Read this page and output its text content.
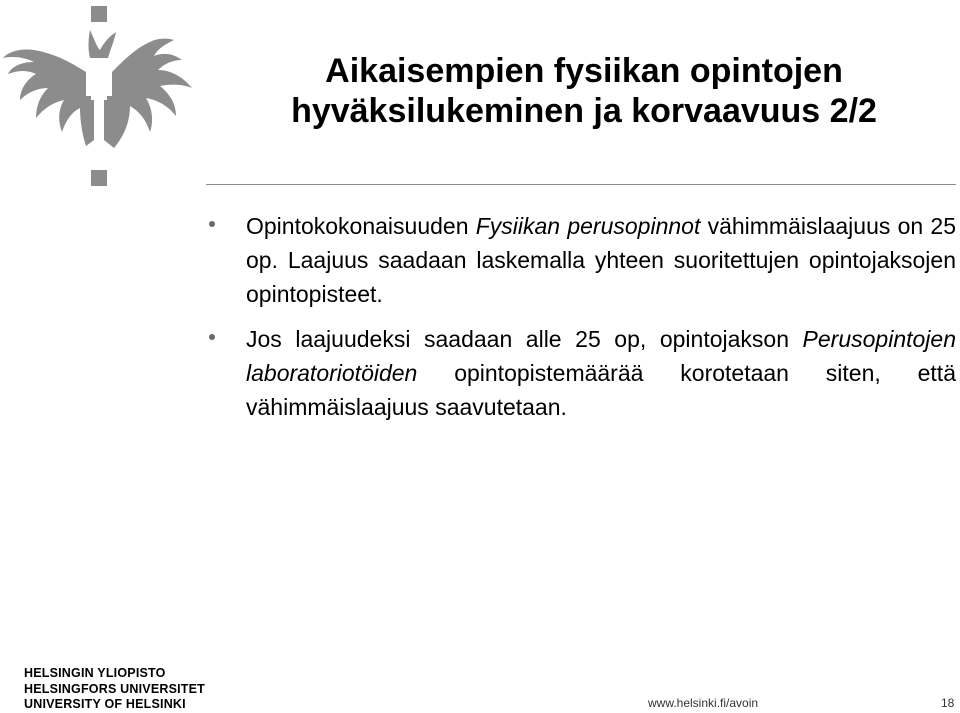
Aikaisempien fysiikan opintojen
hyväksilukeminen ja korvaavuus 2/2
Opintokokonaisuuden Fysiikan perusopinnot vähimmäislaajuus on 25 op. Laajuus saadaan laskemalla yhteen suoritettujen opintojaksojen opintopisteet.
Jos laajuudeksi saadaan alle 25 op, opintojakson Perusopintojen laboratoriotöiden opintopistemäärää korotetaan siten, että vähimmäislaajuus saavutetaan.
HELSINGIN YLIOPISTO
HELSINGFORS UNIVERSITET
UNIVERSITY OF HELSINKI	www.helsinki.fi/avoin	18
